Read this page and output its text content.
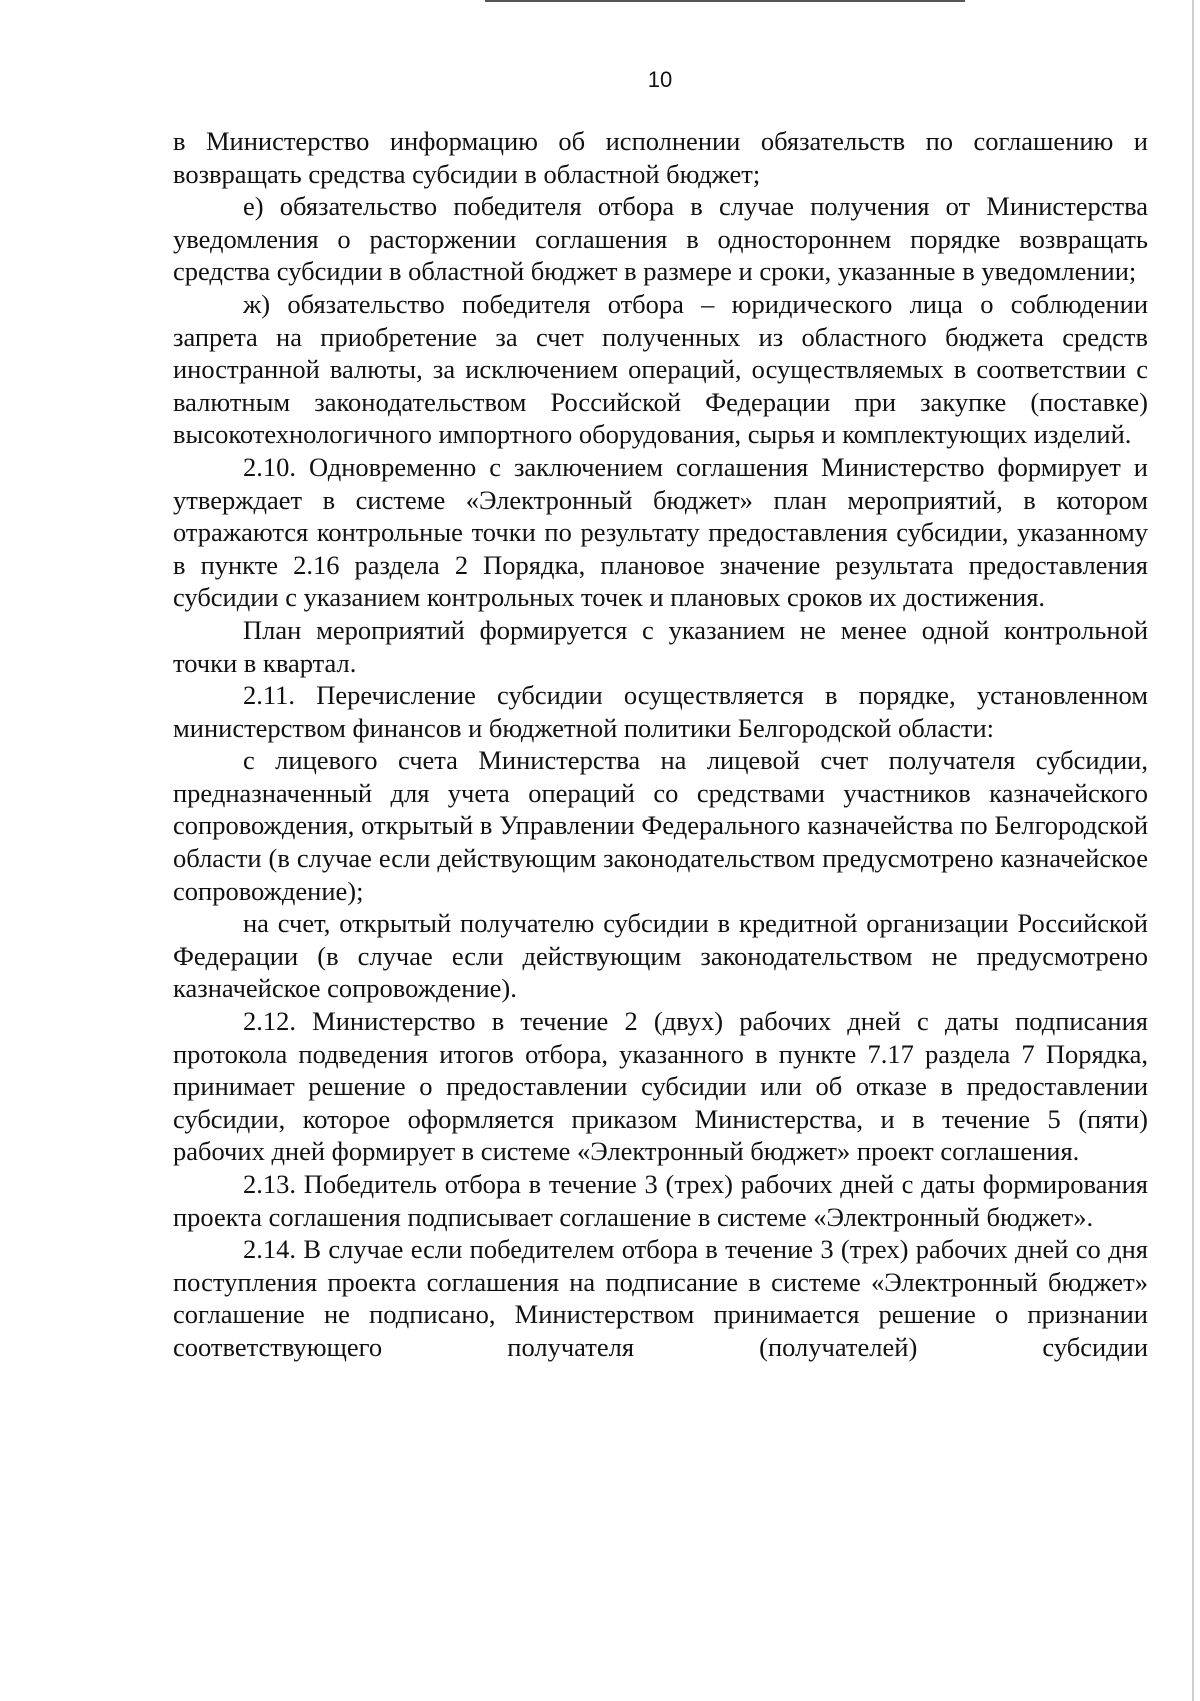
10

в Министерство информацию об исполнении обязательств по соглашению и возвращать средства субсидии в областной бюджет;

е) обязательство победителя отбора в случае получения от Министерства уведомления о расторжении соглашения в одностороннем порядке возвращать средства субсидии в областной бюджет в размере и сроки, указанные в уведомлении;

ж) обязательство победителя отбора – юридического лица о соблюдении запрета на приобретение за счет полученных из областного бюджета средств иностранной валюты, за исключением операций, осуществляемых в соответствии с валютным законодательством Российской Федерации при закупке (поставке) высокотехнологичного импортного оборудования, сырья и комплектующих изделий.

2.10. Одновременно с заключением соглашения Министерство формирует и утверждает в системе «Электронный бюджет» план мероприятий, в котором отражаются контрольные точки по результату предоставления субсидии, указанному в пункте 2.16 раздела 2 Порядка, плановое значение результата предоставления субсидии с указанием контрольных точек и плановых сроков их достижения.

План мероприятий формируется с указанием не менее одной контрольной точки в квартал.

2.11. Перечисление субсидии осуществляется в порядке, установленном министерством финансов и бюджетной политики Белгородской области:

с лицевого счета Министерства на лицевой счет получателя субсидии, предназначенный для учета операций со средствами участников казначейского сопровождения, открытый в Управлении Федерального казначейства по Белгородской области (в случае если действующим законодательством предусмотрено казначейское сопровождение);

на счет, открытый получателю субсидии в кредитной организации Российской Федерации (в случае если действующим законодательством не предусмотрено казначейское сопровождение).

2.12. Министерство в течение 2 (двух) рабочих дней с даты подписания протокола подведения итогов отбора, указанного в пункте 7.17 раздела 7 Порядка, принимает решение о предоставлении субсидии или об отказе в предоставлении субсидии, которое оформляется приказом Министерства, и в течение 5 (пяти) рабочих дней формирует в системе «Электронный бюджет» проект соглашения.

2.13. Победитель отбора в течение 3 (трех) рабочих дней с даты формирования проекта соглашения подписывает соглашение в системе «Электронный бюджет».

2.14. В случае если победителем отбора в течение 3 (трех) рабочих дней со дня поступления проекта соглашения на подписание в системе «Электронный бюджет» соглашение не подписано, Министерством принимается решение о признании соответствующего получателя (получателей) субсидии
